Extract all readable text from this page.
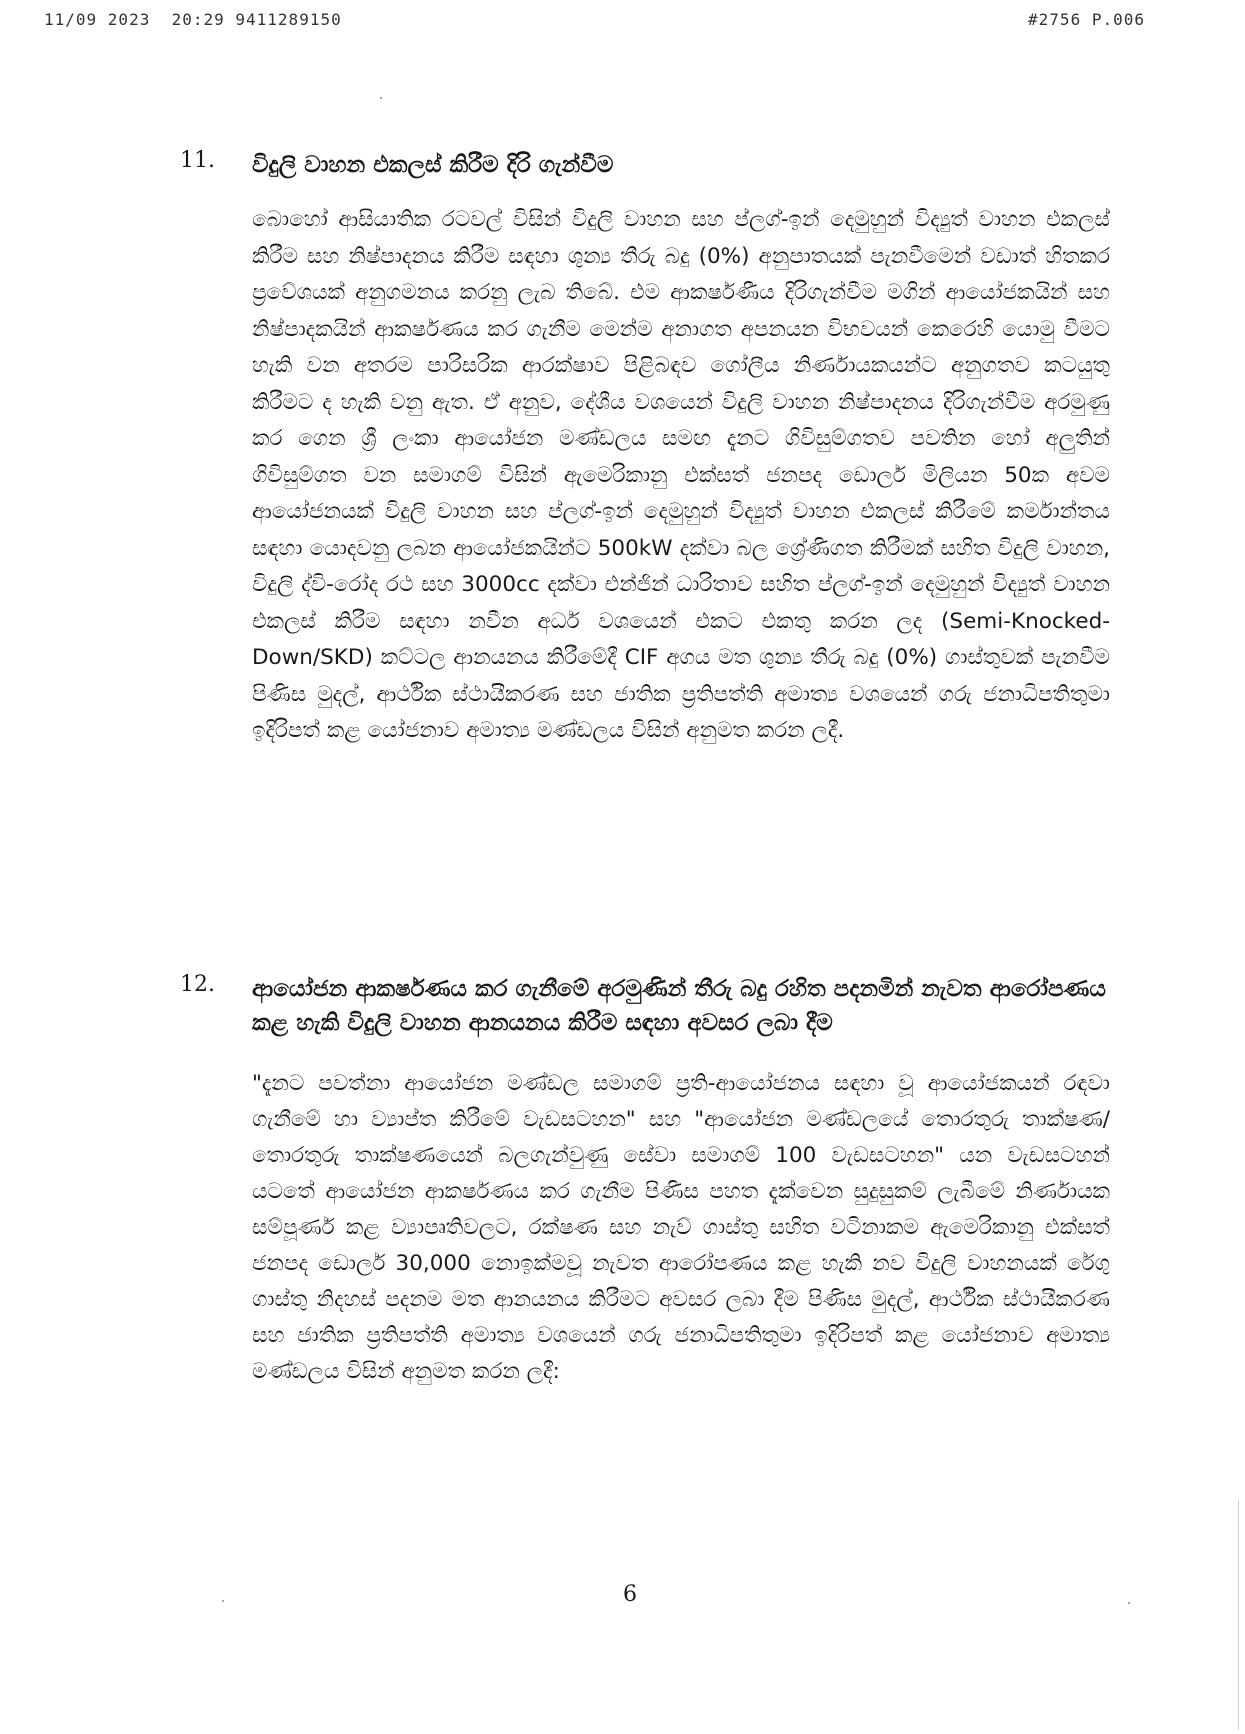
11/09 2023  20:29 9411289150	#2756 P.006
11. විදුලි වාහන එකලස් කිරීම දිරි ගැන්වීම
බොහෝ ආසියාතික රටවල් විසින් විදුලි වාහන සහ ප්ලග්-ඉන් දෙමුහුන් විද්‍යුත් වාහන එකලස් කිරීම සහ නිෂ්පාදනය කිරීම සඳහා ශුන්‍ය තීරු බදු (0%) අනුපාතයක් පැනවීමෙන් වඩාත් හිතකර ප්‍රවේශයක් අනුගමනය කරනු ලැබ තිබේ. එම ආකර්ෂණීය දිරිගැන්වීම මගින් ආයෝජකයින් සහ නිෂ්පාදකයින් ආකර්ෂණය කර ගැනීම මෙන්ම අනාගත අපනයන විභවයන් කෙරෙහි යොමු වීමට හැකි වන අතරම පාරිසරික ආරක්ෂාව පිළිබඳව ගෝලීය නිර්ණායකයන්ට අනුගතව කටයුතු කිරීමට ද හැකි වනු ඇත. ඒ අනුව, දේශීය වශයෙන් විදුලි වාහන නිෂ්පාදනය දිරිගැන්වීම අරමුණු කර ගෙන ශ්‍රී ලංකා ආයෝජන මණ්ඩලය සමඟ දැනට ගිවිසුම්ගතව පවතින හෝ අලුතින් ගිවිසුම්ගත වන සමාගම් විසින් ඇමෙරිකානු එක්සත් ජනපද ඩොලර් මිලියන 50ක අවම ආයෝජනයක් විදුලි වාහන සහ ප්ලග්-ඉන් දෙමුහුන් විද්‍යුත් වාහන එකලස් කිරීමේ කර්මාන්තය සඳහා යොදවනු ලබන ආයෝජකයින්ට 500kW දක්වා බල ශ්‍රේණිගත කිරීමක් සහිත විදුලි වාහන, විදුලි ද්වි-රෝද රථ සහ 3000cc දක්වා එන්ජින් ධාරිතාව සහිත ප්ලග්-ඉන් දෙමුහුන් විද්‍යුත් වාහන එකලස් කිරීම සඳහා නවීන අර්ධ වශයෙන් එකට එකතු කරන ලද (Semi-Knocked-Down/SKD) කට්ටල ආනයනය කිරීමේදී CIF අගය මත ශුන්‍ය තීරු බදු (0%) ගාස්තුවක් පැනවීම පිණිස මුදල්, ආර්ථික ස්ථායීකරණ සහ ජාතික ප්‍රතිපත්ති අමාත්‍ය වශයෙන් ගරු ජනාධිපතිතුමා ඉදිරිපත් කළ යෝජනාව අමාත්‍ය මණ්ඩලය විසින් අනුමත කරන ලදී.
12. ආයෝජන ආකර්ෂණය කර ගැනීමේ අරමුණින් තීරු බදු රහිත පදනමින් නැවත ආරෝපණය කළ හැකි විදුලි වාහන ආනයනය කිරීම සඳහා අවසර ලබා දීම
"දැනට පවත්නා ආයෝජන මණ්ඩල සමාගම් ප්‍රති-ආයෝජනය සඳහා වූ ආයෝජකයන් රඳවා ගැනීමේ හා ව්‍යාප්ත කිරීමේ වැඩසටහන" සහ "ආයෝජන මණ්ඩලයේ තොරතුරු තාක්ෂණ/තොරතුරු තාක්ෂණයෙන් බලගැන්වුණු සේවා සමාගම් 100 වැඩසටහන" යන වැඩසටහන් යටතේ ආයෝජන ආකර්ෂණය කර ගැනීම පිණිස පහත දැක්වෙන සුදුසුකම් ලැබීමේ නිර්ණායක සම්පූර්ණ කළ ව්‍යාපෘතිවලට, රක්ෂණ සහ නැව් ගාස්තු සහිත වටිනාකම ඇමෙරිකානු එක්සත් ජනපද ඩොලර් 30,000 නොඉක්මවූ නැවත ආරෝපණය කළ හැකි නව විදුලි වාහනයක් රේගු ගාස්තු නිදහස් පදනම මත ආනයනය කිරීමට අවසර ලබා දීම පිණිස මුදල්, ආර්ථික ස්ථායීකරණ සහ ජාතික ප්‍රතිපත්ති අමාත්‍ය වශයෙන් ගරු ජනාධිපතිතුමා ඉදිරිපත් කළ යෝජනාව අමාත්‍ය මණ්ඩලය විසින් අනුමත කරන ලදී:
6
